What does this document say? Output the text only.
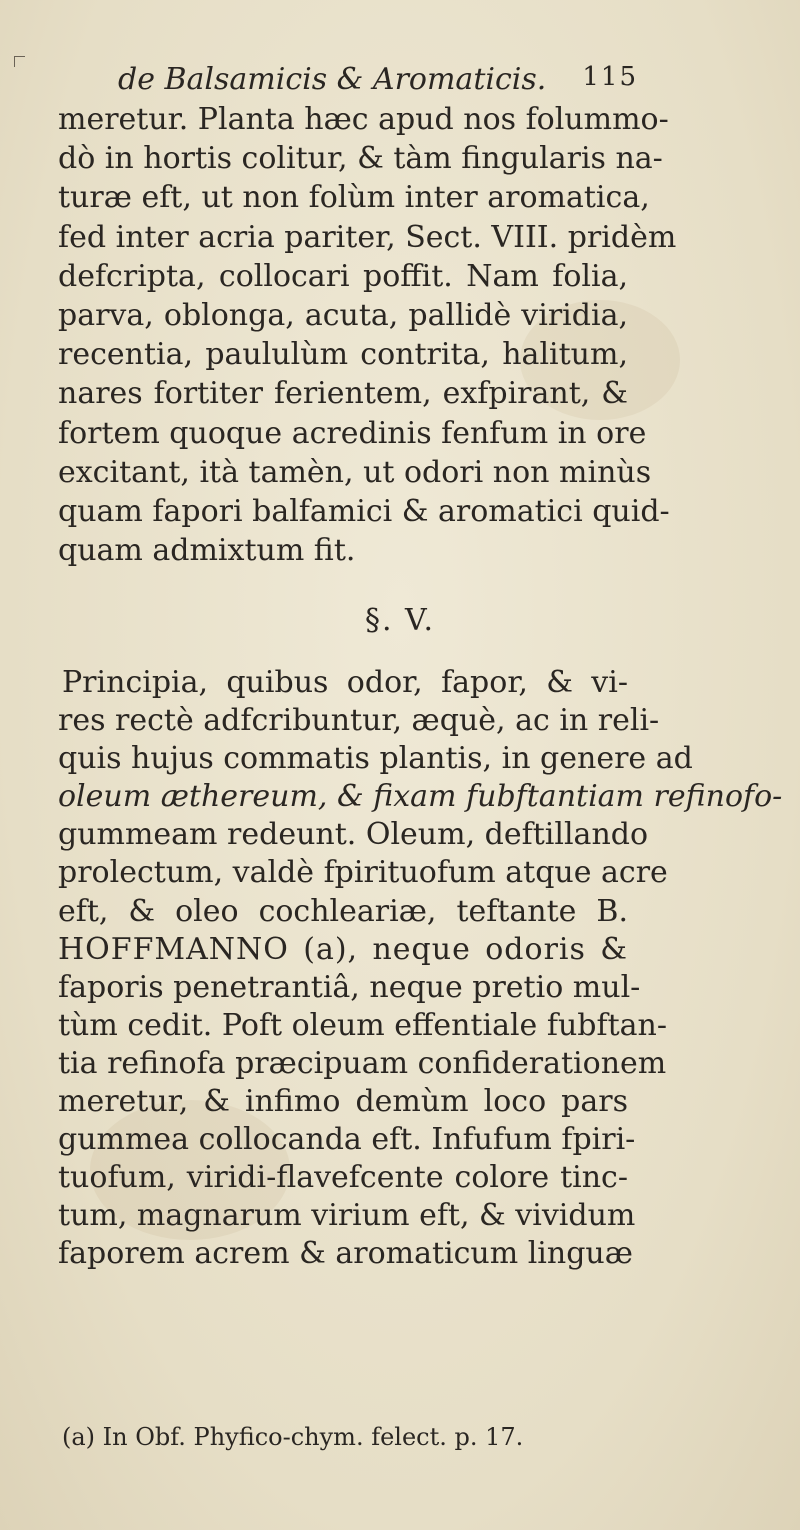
de Balsamicis & Aromaticis. 115
meretur. Planta hæc apud nos folummo-
dò in hortis colitur, & tàm fingularis na-
turæ eft, ut non folùm inter aromatica,
fed inter acria pariter, Sect. VIII. pridèm
defcripta, collocari poffit. Nam folia,
parva, oblonga, acuta, pallidè viridia,
recentia, paululùm contrita, halitum,
nares fortiter ferientem, exfpirant, &
fortem quoque acredinis fenfum in ore
excitant, ità tamèn, ut odori non minùs
quam fapori balfamici & aromatici quid-
quam admixtum fit.
§. V.
Principia, quibus odor, fapor, & vi-
res rectè adfcribuntur, æquè, ac in reli-
quis hujus commatis plantis, in genere ad
oleum æthereum, & fixam fubftantiam refinofo-
gummeam redeunt. Oleum, deftillando
prolectum, valdè fpirituofum atque acre
eft, & oleo cochleariæ, teftante B.
HOFFMANNO (a), neque odoris &
faporis penetrantiâ, neque pretio mul-
tùm cedit. Poft oleum effentiale fubftan-
tia refinofa præcipuam confiderationem
meretur, & infimo demùm loco pars
gummea collocanda eft. Infufum fpiri-
tuofum, viridi-flavefcente colore tinc-
tum, magnarum virium eft, & vividum
faporem acrem & aromaticum linguæ
(a) In Obf. Phyfico-chym. felect. p. 17.
